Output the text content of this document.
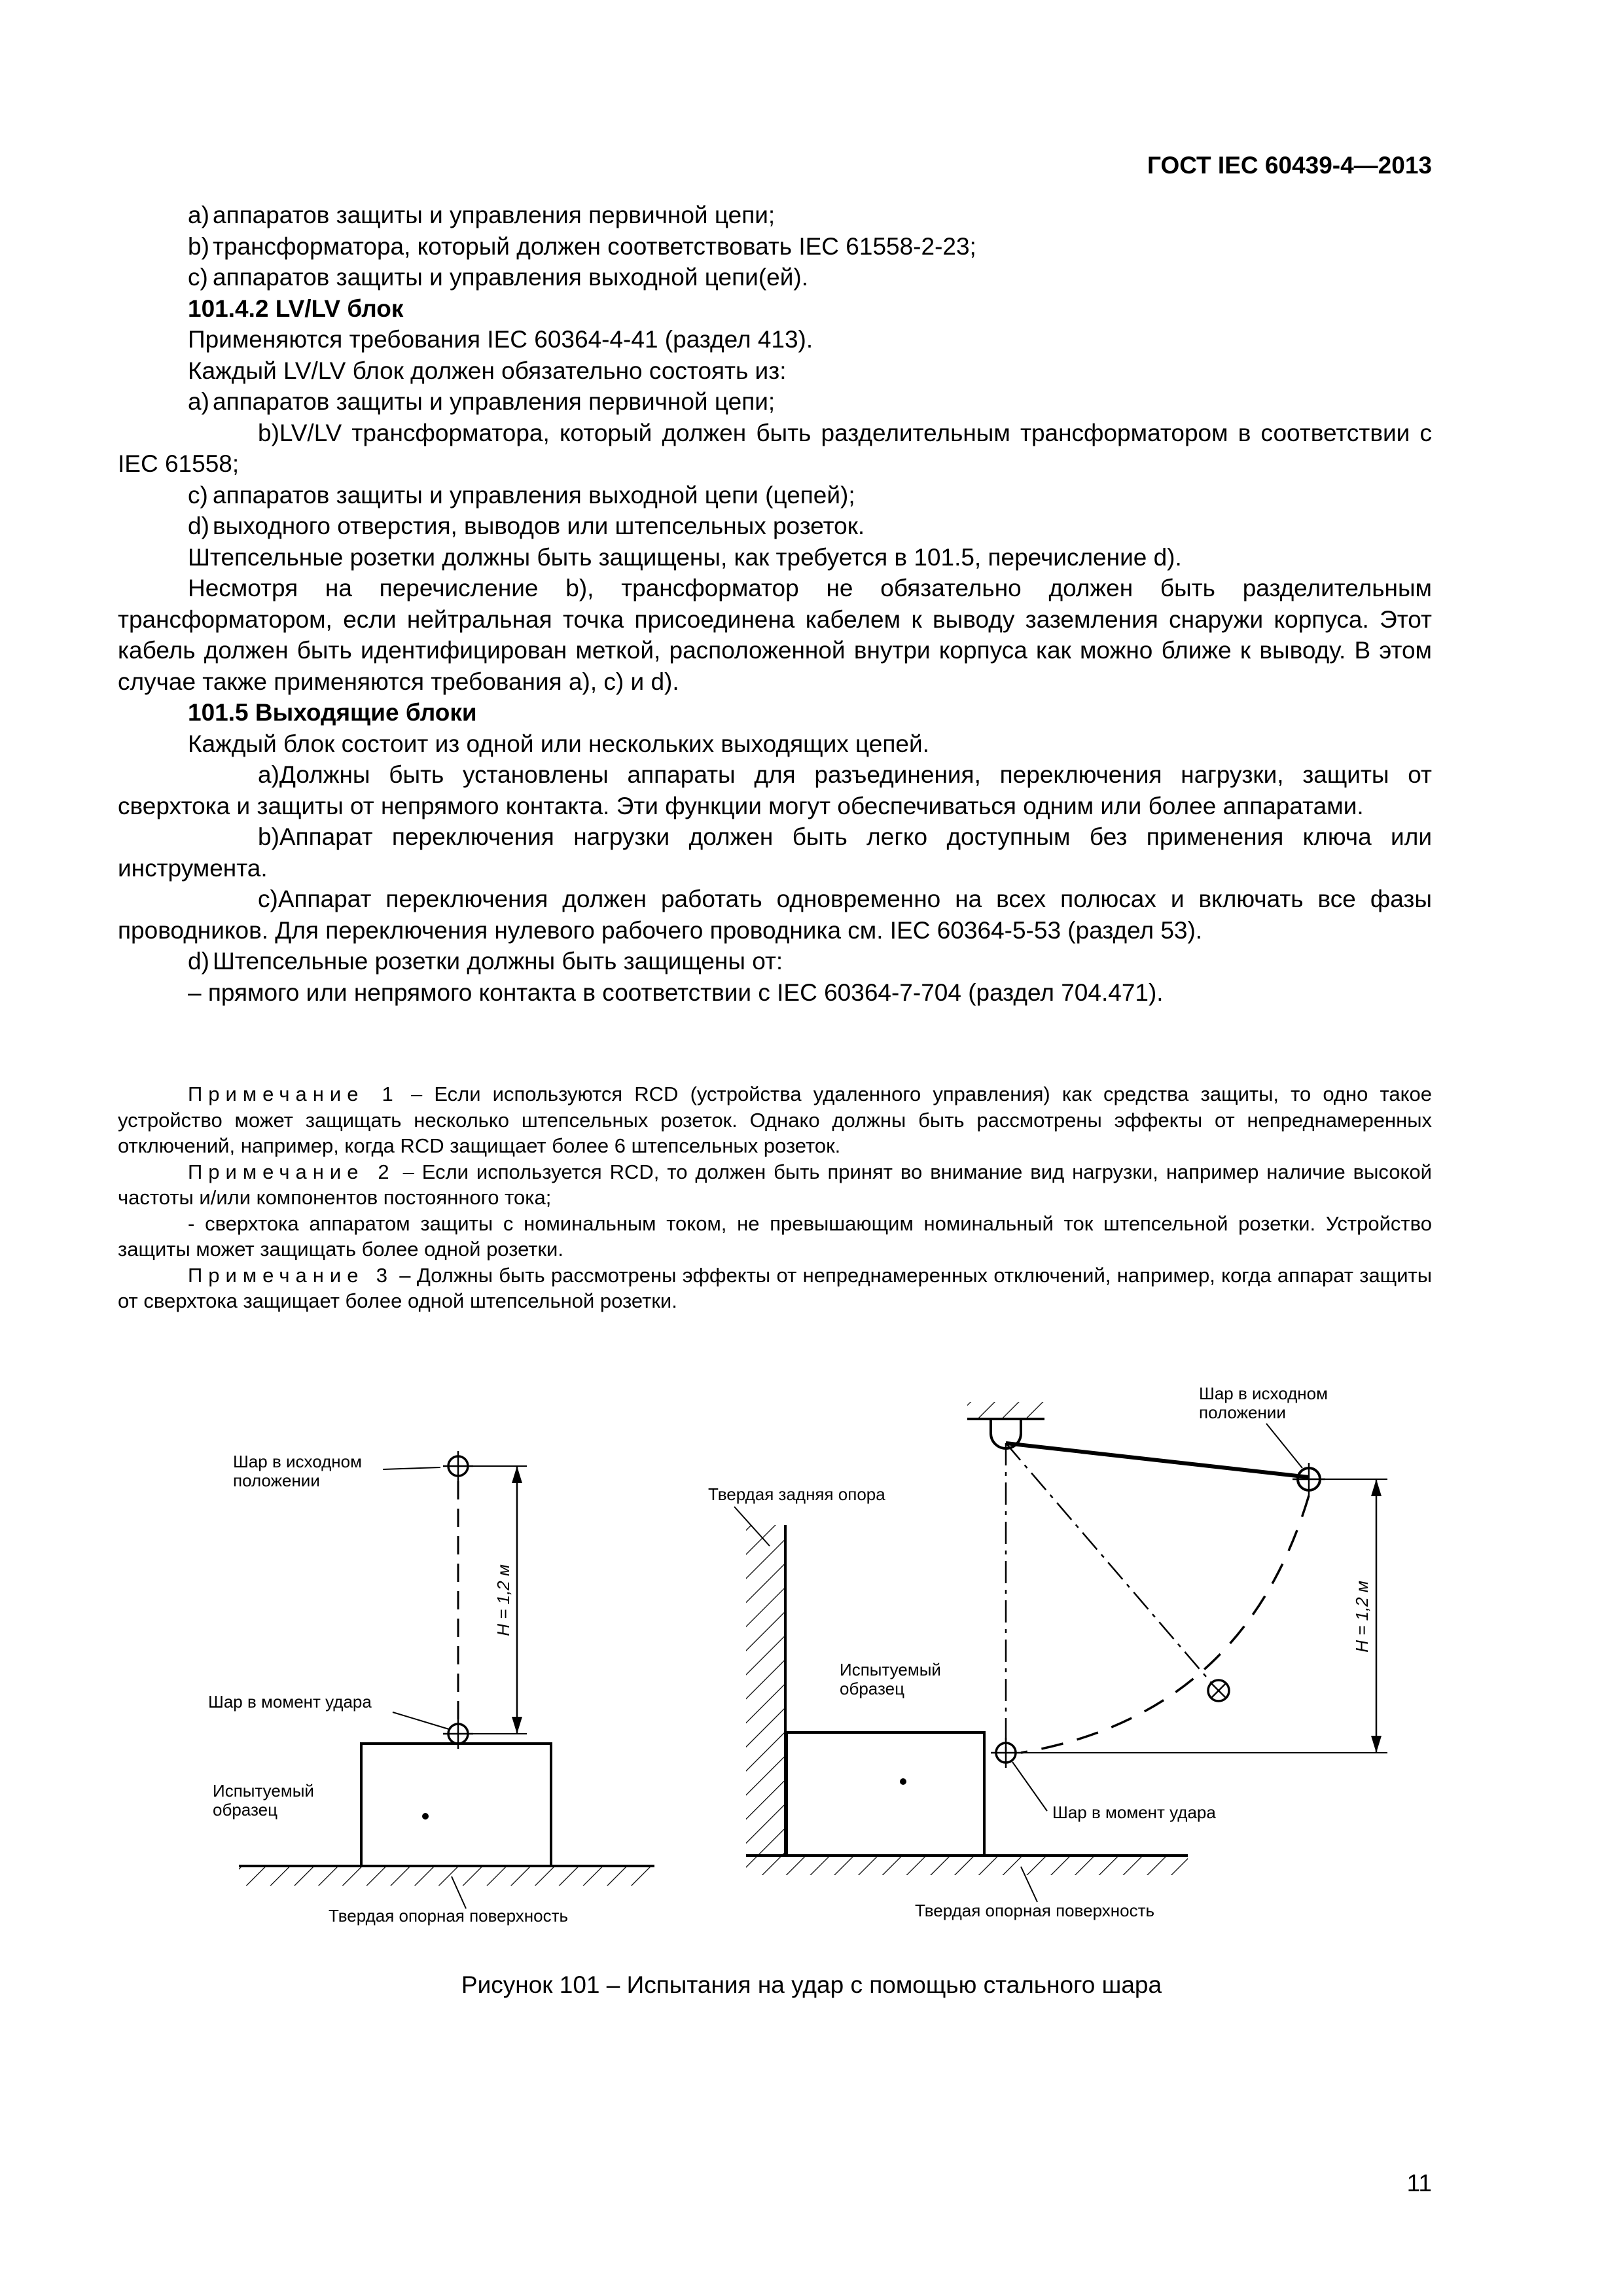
ГОСТ IEC 60439-4—2013

a) аппаратов защиты и управления первичной цепи;

b) трансформатора, который должен соответствовать IEC 61558-2-23;

c) аппаратов защиты и управления выходной цепи(ей).

101.4.2 LV/LV блок

Применяются требования IEC 60364-4-41 (раздел 413).

Каждый LV/LV блок должен обязательно состоять из:

a) аппаратов защиты и управления первичной цепи;

b)LV/LV трансформатора, который должен быть разделительным трансформатором в соответствии с IEC 61558;

c) аппаратов защиты и управления выходной цепи (цепей);

d) выходного отверстия, выводов или штепсельных розеток.

Штепсельные розетки должны быть защищены, как требуется в 101.5, перечисление d).

Несмотря на перечисление b), трансформатор не обязательно должен быть разделительным трансформатором, если нейтральная точка присоединена кабелем к выводу заземления снаружи корпуса. Этот кабель должен быть идентифицирован меткой, расположенной внутри корпуса как можно ближе к выводу. В этом случае также применяются требования a), c) и d).

101.5 Выходящие блоки

Каждый блок состоит из одной или нескольких выходящих цепей.

a)Должны быть установлены аппараты для разъединения, переключения нагрузки, защиты от сверхтока и защиты от непрямого контакта. Эти функции могут обеспечиваться одним или более аппаратами.

b)Аппарат переключения нагрузки должен быть легко доступным без применения ключа или инструмента.

c)Аппарат переключения должен работать одновременно на всех полюсах и включать все фазы проводников. Для переключения нулевого рабочего проводника см. IEC 60364-5-53 (раздел 53).

d) Штепсельные розетки должны быть защищены от:

– прямого или непрямого контакта в соответствии с IEC 60364-7-704 (раздел 704.471).

Примечание 1 – Если используются RCD (устройства удаленного управления) как средства защиты, то одно такое устройство может защищать несколько штепсельных розеток. Однако должны быть рассмотрены эффекты от непреднамеренных отключений, например, когда RCD защищает более 6 штепсельных розеток.

Примечание 2 – Если используется RCD, то должен быть принят во внимание вид нагрузки, например наличие высокой частоты и/или компонентов постоянного тока;

- сверхтока аппаратом защиты с номинальным током, не превышающим номинальный ток штепсельной розетки. Устройство защиты может защищать более одной розетки.

Примечание 3 – Должны быть рассмотрены эффекты от непреднамеренных отключений, например, когда аппарат защиты от сверхтока защищает более одной штепсельной розетки.

H = 1,2 м
Шар в исходном
положении
Шар в момент удара
Испытуемый
образец
Твердая опорная поверхность
H = 1,2 м
Шар в исходном
положении
Твердая задняя опора
Испытуемый
образец
Шар в момент удара
Твердая опорная поверхность
Рисунок 101 – Испытания на удар с помощью стального шара
11
